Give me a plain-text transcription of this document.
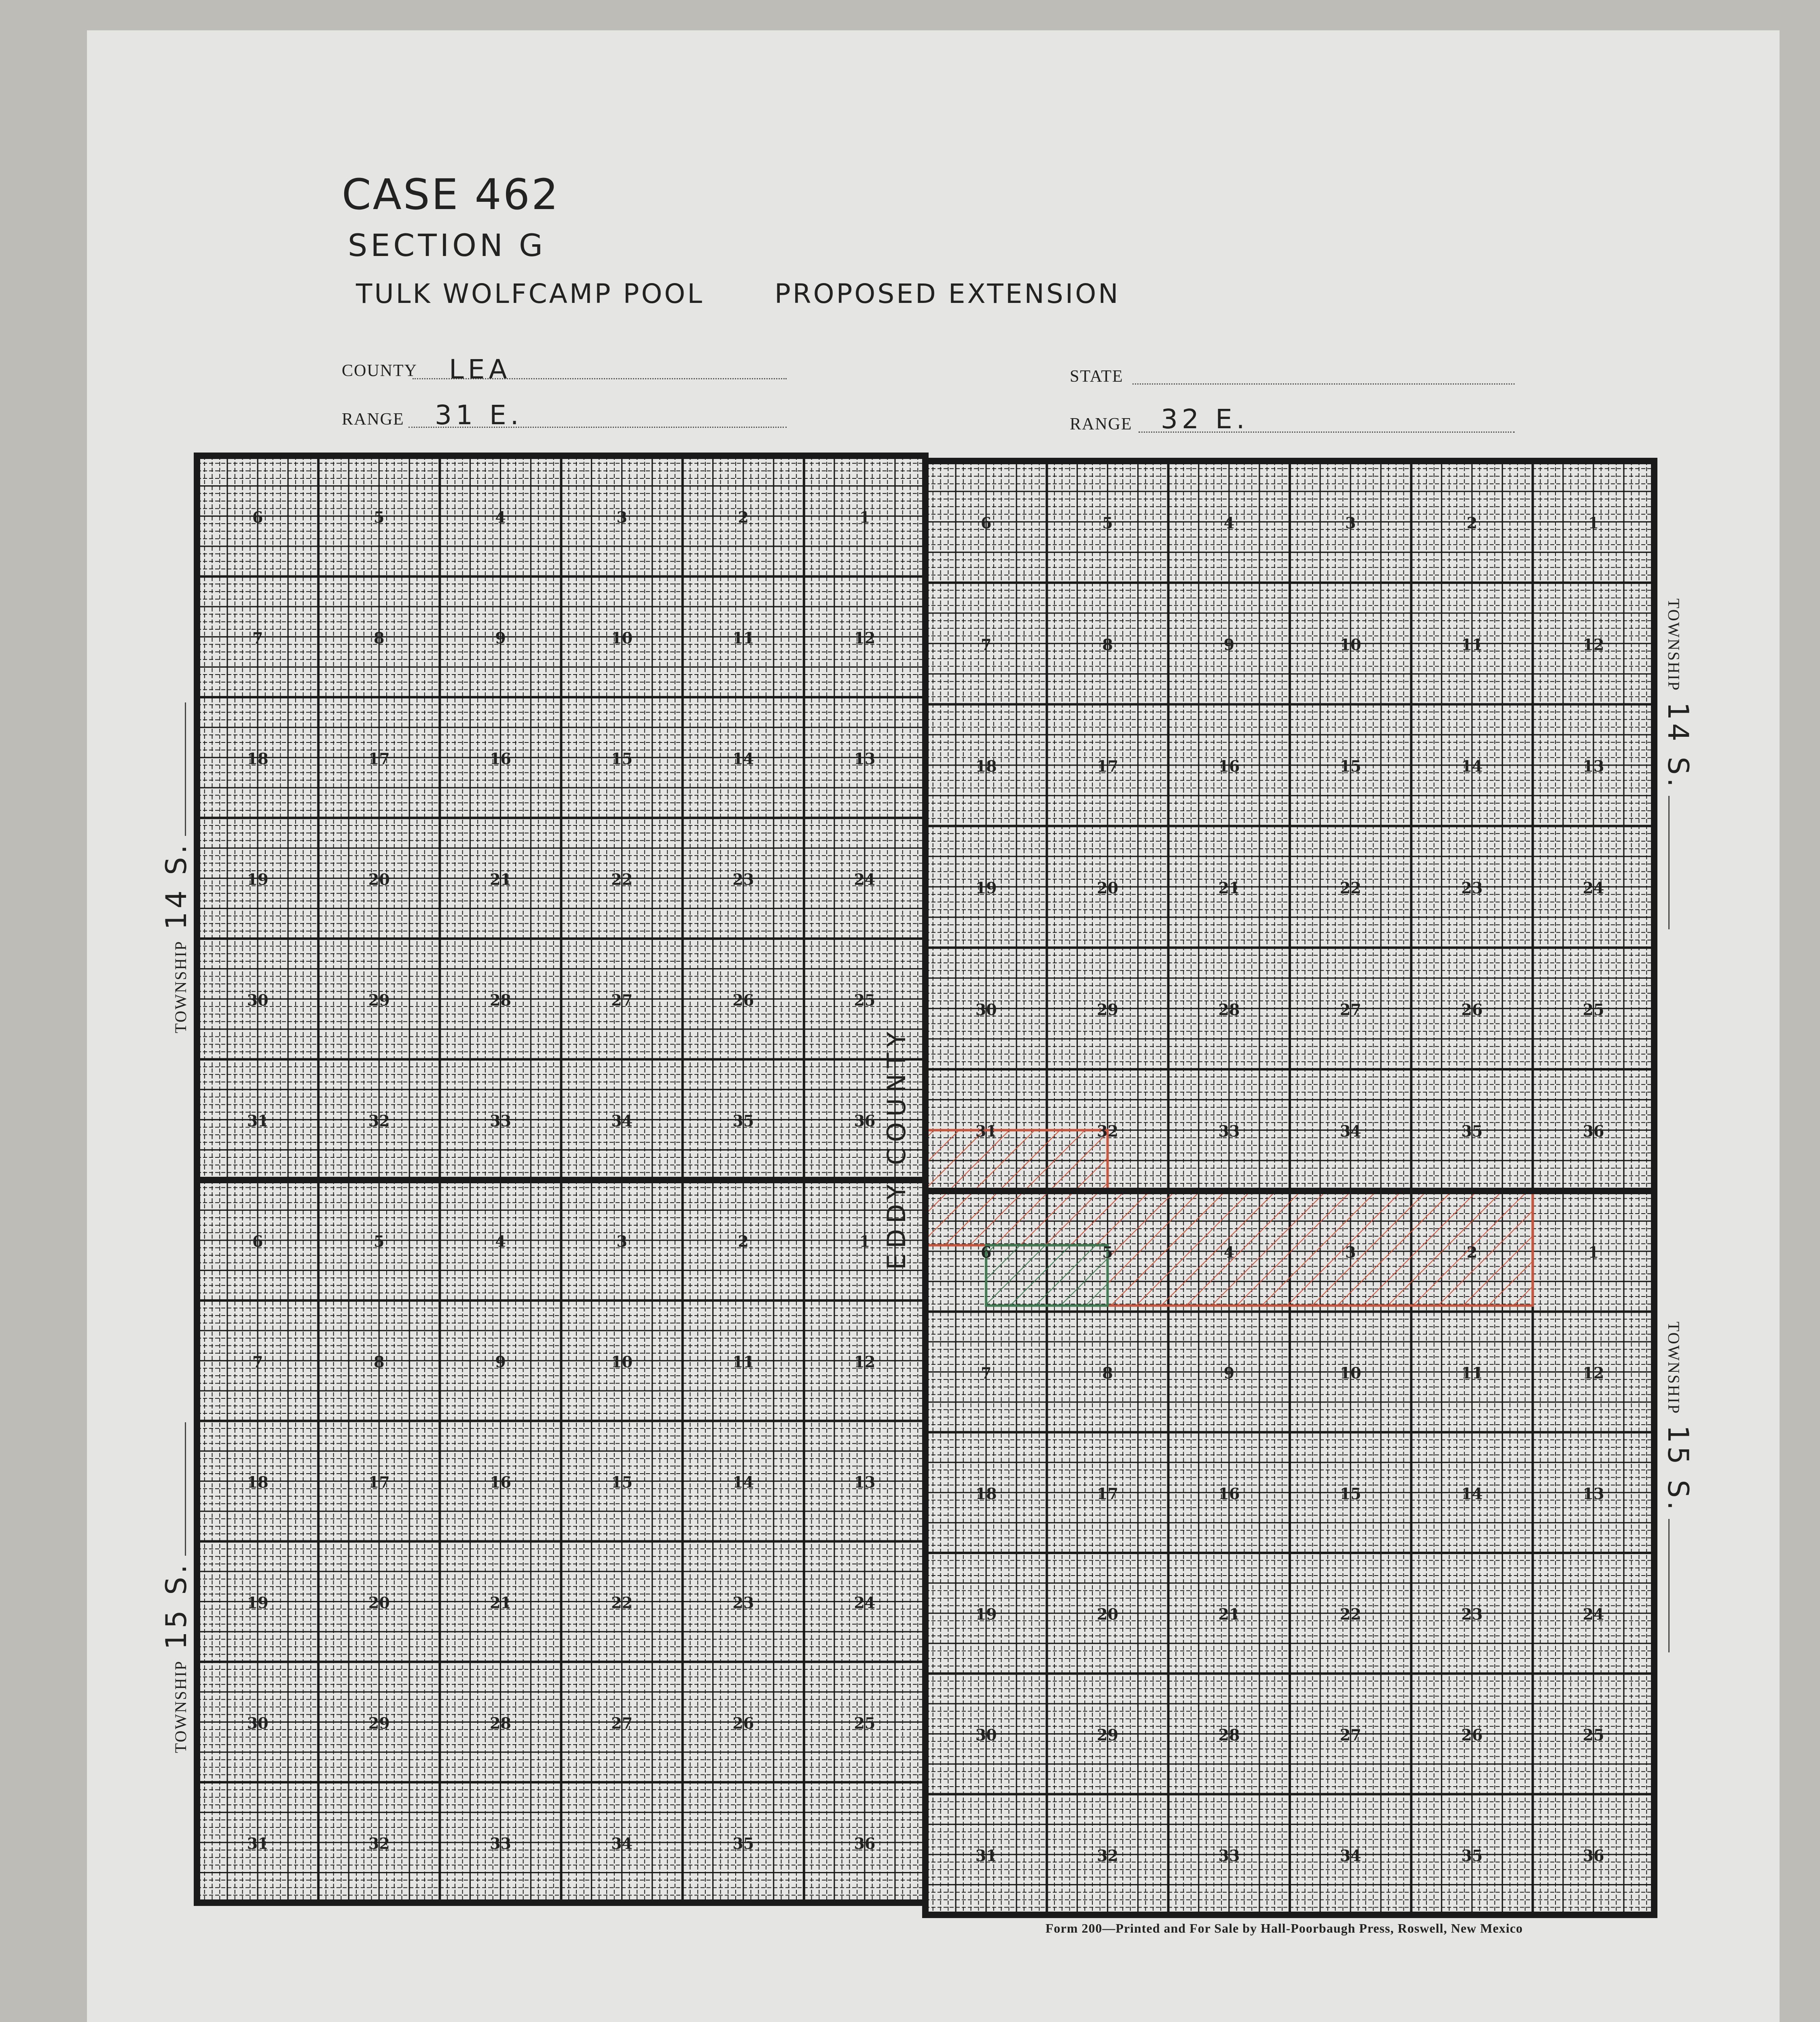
CASE 462
SECTION G
TULK WOLFCAMP POOL	PROPOSED EXTENSION
COUNTY LEA	STATE
RANGE 31 E.	RANGE 32 E.
6	5	4	3	2	1
7	8	9	10	11	12
18	17	16	15	14	13
19	20	21	22	23	24
30	29	28	27	26	25
31	32	33	34	35	36
6	5	4	3	2	1
7	8	9	10	11	12
18	17	16	15	14	13
19	20	21	22	23	24
30	29	28	27	26	25
31	32	33	34	35	36
6	5	4	3	2	1
7	8	9	10	11	12
18	17	16	15	14	13
19	20	21	22	23	24
30	29	28	27	26	25
31	32	33	34	35	36
6	5	4	3	2	1
7	8	9	10	11	12
18	17	16	15	14	13
19	20	21	22	23	24
30	29	28	27	26	25
31	32	33	34	35	36
TOWNSHIP
14 S.
TOWNSHIP
15 S.
TOWNSHIP
14 S.
TOWNSHIP
15 S.
EDDY COUNTY
Form 200—Printed and For Sale by Hall-Poorbaugh Press, Roswell, New Mexico
